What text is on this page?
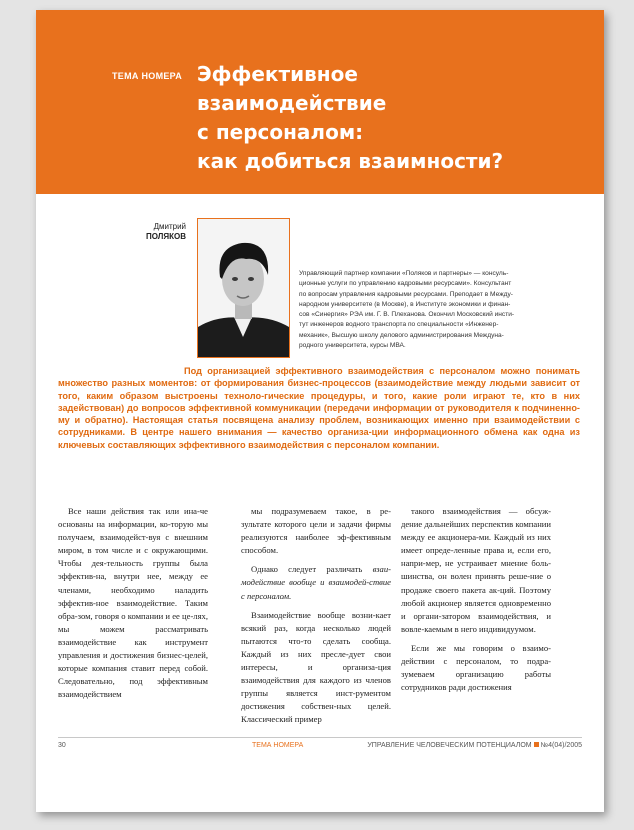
ТЕМА НОМЕРА Эффективное
взаимодействие
с персоналом:
как добиться взаимности?
Дмитрий
ПОЛЯКОВ
Управляющий партнер компании «Поляков и партнеры» — консуль-
ционные услуги по управлению кадровыми ресурсами». Консультант
по вопросам управления кадровыми ресурсами. Преподает в Между-
народном университете (в Москве), в Институте экономики и финан-
сов «Синергия» РЭА им. Г. В. Плеханова. Окончил Московский инсти-
тут инженеров водного транспорта по специальности «Инженер-
механик», Высшую школу делового администрирования Междуна-
родного университета, курсы МВА.
Под организацией эффективного взаимодействия с персоналом можно понимать множество разных моментов: от формирования бизнес-процессов (взаимодействие между людьми зависит от того, каким образом выстроены техноло-гические процедуры, и того, какие роли играют те, кто в них задействован) до вопросов эффективной коммуникации (передачи информации от руководителя к подчиненно-му и обратно). Настоящая статья посвящена анализу проблем, возникающих именно при взаимодействии с сотрудниками. В центре нашего внимания — качество организа-ции информационного обмена как одна из ключевых составляющих эффективного взаимодействия с персоналом компании.

Все наши действия так или ина-че основаны на информации, ко-торую мы получаем, взаимодейст-вуя с внешним миром, в том числе и с окружающими. Чтобы дея-тельность группы была эффектив-на, внутри нее, между ее членами, необходимо наладить эффектив-ное взаимодействие. Таким обра-зом, говоря о компании и ее це-лях, мы можем рассматривать взаимодействие как инструмент управления и достижения бизнес-целей, которые компания ставит перед собой. Следовательно, под эффективным взаимодействием

мы подразумеваем такое, в ре-зультате которого цели и задачи фирмы реализуются наиболее эф-фективным способом.

Однако следует различать взаи-модействие вообще и взаимодей-ствие с персоналом.

Взаимодействие вообще возни-кает всякий раз, когда несколько людей пытаются что-то сделать сообща. Каждый из них пресле-дует свои интересы, и организа-ция взаимодействия для каждого из членов группы является инст-рументом достижения собствен-ных целей. Классический пример

такого взаимодействия — обсуж-дение дальнейших перспектив компании между ее акционера-ми. Каждый из них имеет опреде-ленные права и, если его, напри-мер, не устраивает мнение боль-шинства, он волен принять реше-ние о продаже своего пакета ак-ций. Поэтому любой акционер является одновременно и органи-затором взаимодействия, и вовле-каемым в него индивидуумом.

Если же мы говорим о взаимо-действии с персоналом, то подра-зумеваем организацию работы сотрудников ради достижения

30	ТЕМА НОМЕРА	УПРАВЛЕНИЕ ЧЕЛОВЕЧЕСКИМ ПОТЕНЦИАЛОМ №4(04)/2005
